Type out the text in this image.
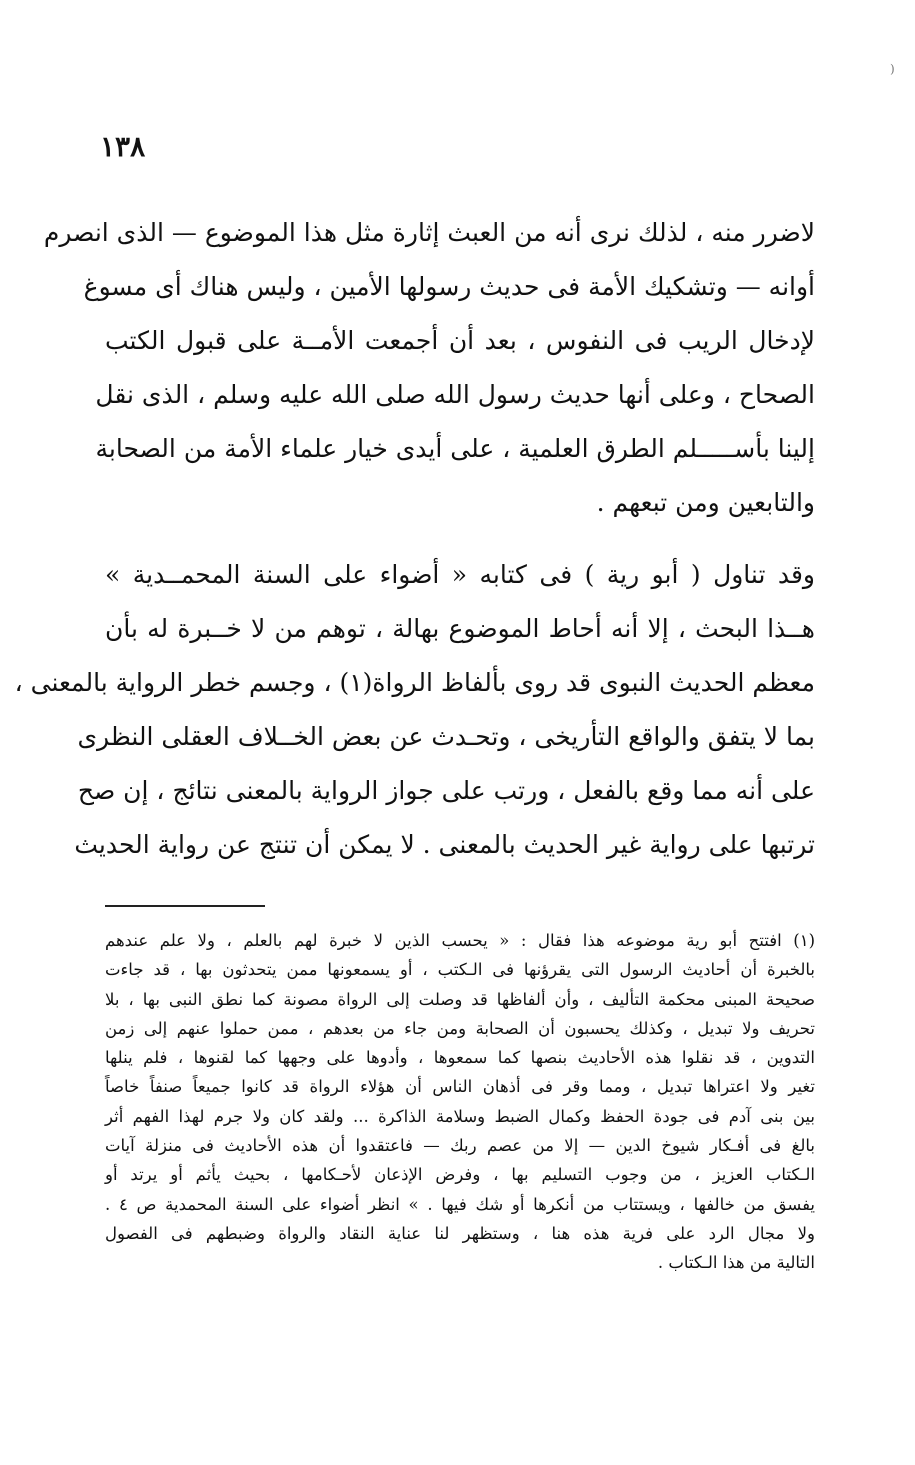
(
١٣٨
لاضرر منه ، لذلك نرى أنه من العبث إثارة مثل هذا الموضوع — الذى انصرم
أوانه — وتشكيك الأمة فى حديث رسولها الأمين ، وليس هناك أى مسوغ
لإدخال الريب فى النفوس ، بعد أن أجمعت الأمــة على قبول الكتب
الصحاح ، وعلى أنها حديث رسول الله صلى الله عليه وسلم ، الذى نقل
إلينا بأســـــلم الطرق العلمية ، على أيدى خيار علماء الأمة من الصحابة
والتابعين ومن تبعهم .
وقد تناول ( أبو رية ) فى كتابه « أضواء على السنة المحمــدية »
هــذا البحث ، إلا أنه أحاط الموضوع بهالة ، توهم من لا خــبرة له بأن
معظم الحديث النبوى قد روى بألفاظ الرواة(١) ، وجسم خطر الرواية بالمعنى ،
بما لا يتفق والواقع التأريخى ، وتحـدث عن بعض الخــلاف العقلى النظرى
على أنه مما وقع بالفعل ، ورتب على جواز الرواية بالمعنى نتائج ، إن صح
ترتبها على رواية غير الحديث بالمعنى . لا يمكن أن تنتج عن رواية الحديث
(١) افتتح أبو رية موضوعه هذا فقال : « يحسب الذين لا خبرة لهم بالعلم ، ولا علم عندهم
بالخبرة أن أحاديث الرسول التى يقرؤنها فى الـكتب ، أو يسمعونها ممن يتحدثون بها ، قد جاءت
صحيحة المبنى محكمة التأليف ، وأن ألفاظها قد وصلت إلى الرواة مصونة كما نطق النبى بها ، بلا
تحريف ولا تبديل ، وكذلك يحسبون أن الصحابة ومن جاء من بعدهم ، ممن حملوا عنهم إلى زمن
التدوين ، قد نقلوا هذه الأحاديث بنصها كما سمعوها ، وأدوها على وجهها كما لقنوها ، فلم ينلها
تغير ولا اعتراها تبديل ، ومما وقر فى أذهان الناس أن هؤلاء الرواة قد كانوا جميعاً صنفاً خاصاً
بين بنى آدم فى جودة الحفظ وكمال الضبط وسلامة الذاكرة ... ولقد كان ولا جرم لهذا الفهم أثر
بالغ فى أفـكار شيوخ الدين — إلا من عصم ربك — فاعتقدوا أن هذه الأحاديث فى منزلة آيات
الـكتاب العزيز ، من وجوب التسليم بها ، وفرض الإذعان لأحـكامها ، بحيث يأثم أو يرتد أو
يفسق من خالفها ، ويستتاب من أنكرها أو شك فيها . » انظر أضواء على السنة المحمدية ص ٤ .
ولا مجال الرد على فرية هذه هنا ، وستظهر لنا عناية النقاد والرواة وضبطهم فى الفصول
التالية من هذا الـكتاب .
